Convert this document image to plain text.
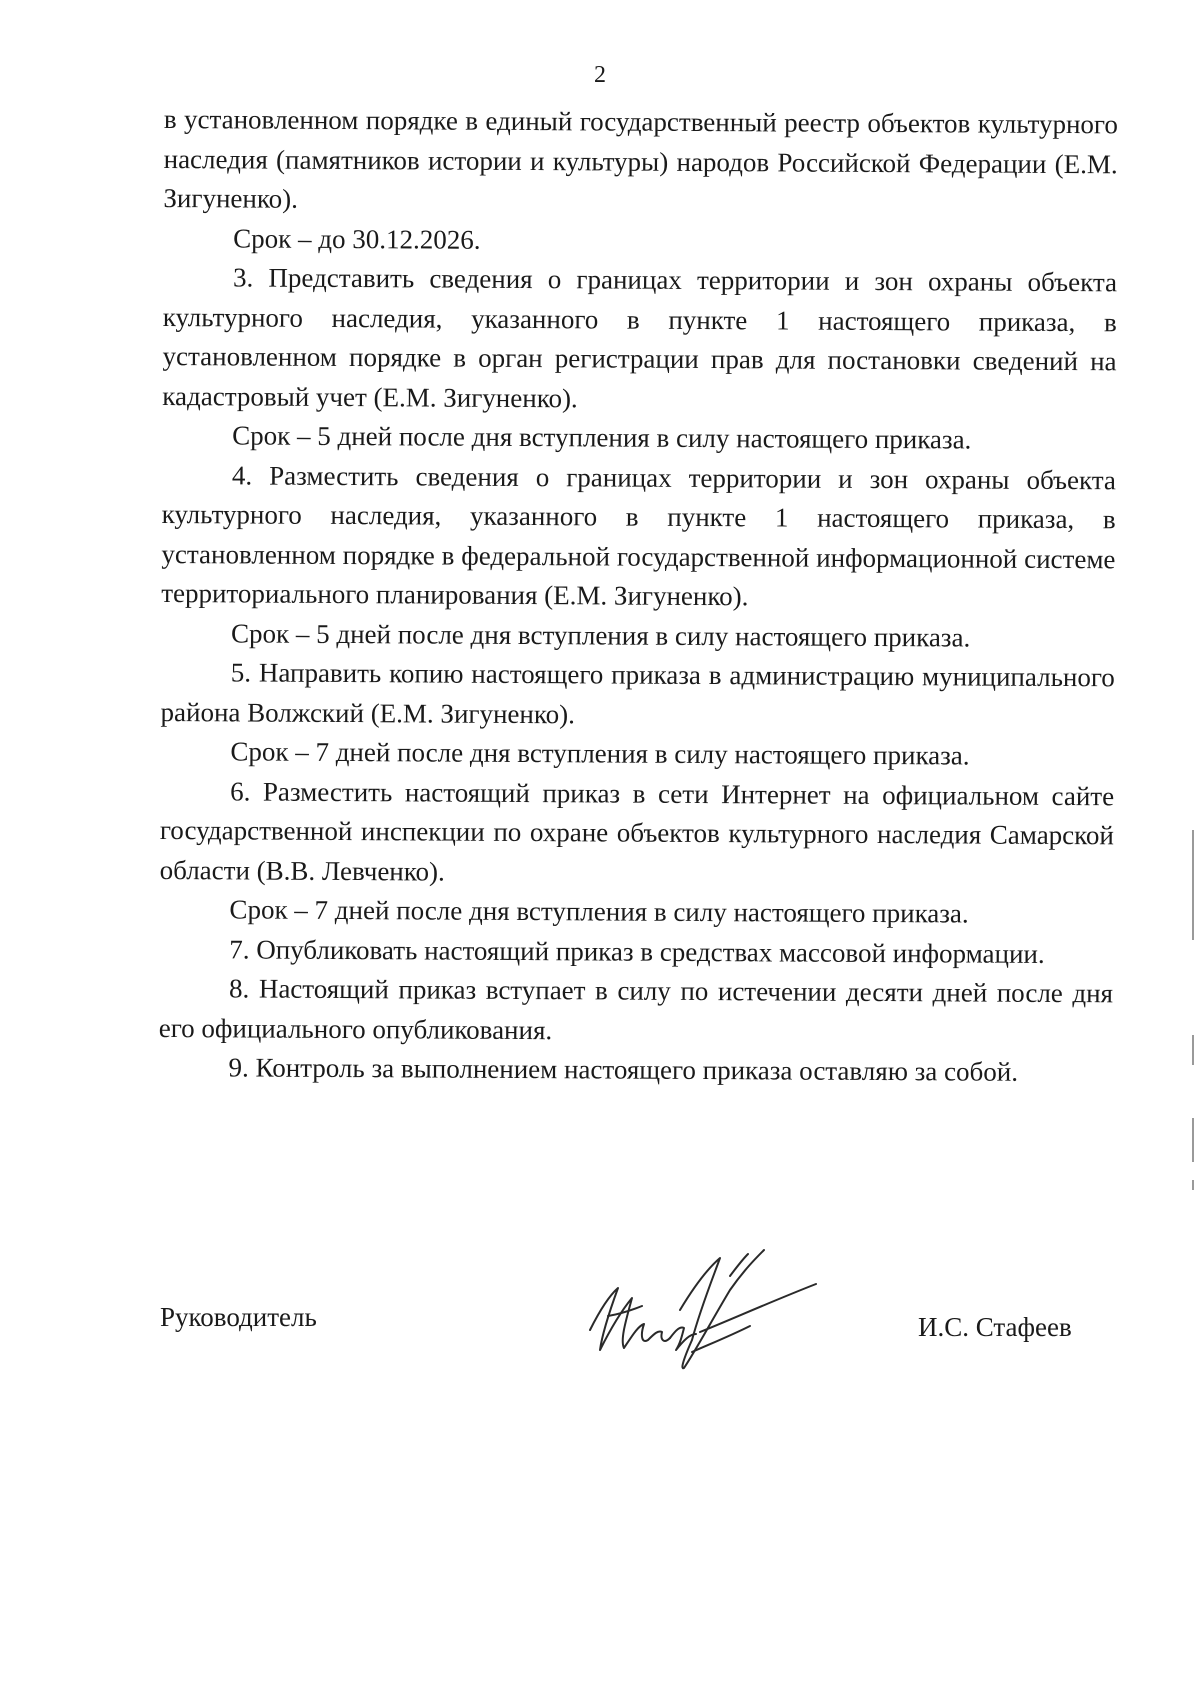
2

в установленном порядке в единый государственный реестр объектов культурного наследия (памятников истории и культуры) народов Российской Федерации (Е.М. Зигуненко).

Срок – до 30.12.2026.

3. Представить сведения о границах территории и зон охраны объекта культурного наследия, указанного в пункте 1 настоящего приказа, в установленном порядке в орган регистрации прав для постановки сведений на кадастровый учет (Е.М. Зигуненко).

Срок – 5 дней после дня вступления в силу настоящего приказа.

4. Разместить сведения о границах территории и зон охраны объекта культурного наследия, указанного в пункте 1 настоящего приказа, в установленном порядке в федеральной государственной информационной системе территориального планирования (Е.М. Зигуненко).

Срок – 5 дней после дня вступления в силу настоящего приказа.

5. Направить копию настоящего приказа в администрацию муниципального района Волжский (Е.М. Зигуненко).

Срок – 7 дней после дня вступления в силу настоящего приказа.

6. Разместить настоящий приказ в сети Интернет на официальном сайте государственной инспекции по охране объектов культурного наследия Самарской области (В.В. Левченко).

Срок – 7 дней после дня вступления в силу настоящего приказа.

7. Опубликовать настоящий приказ в средствах массовой информации.

8. Настоящий приказ вступает в силу по истечении десяти дней после дня его официального опубликования.

9. Контроль за выполнением настоящего приказа оставляю за собой.

Руководитель	И.С. Стафеев
